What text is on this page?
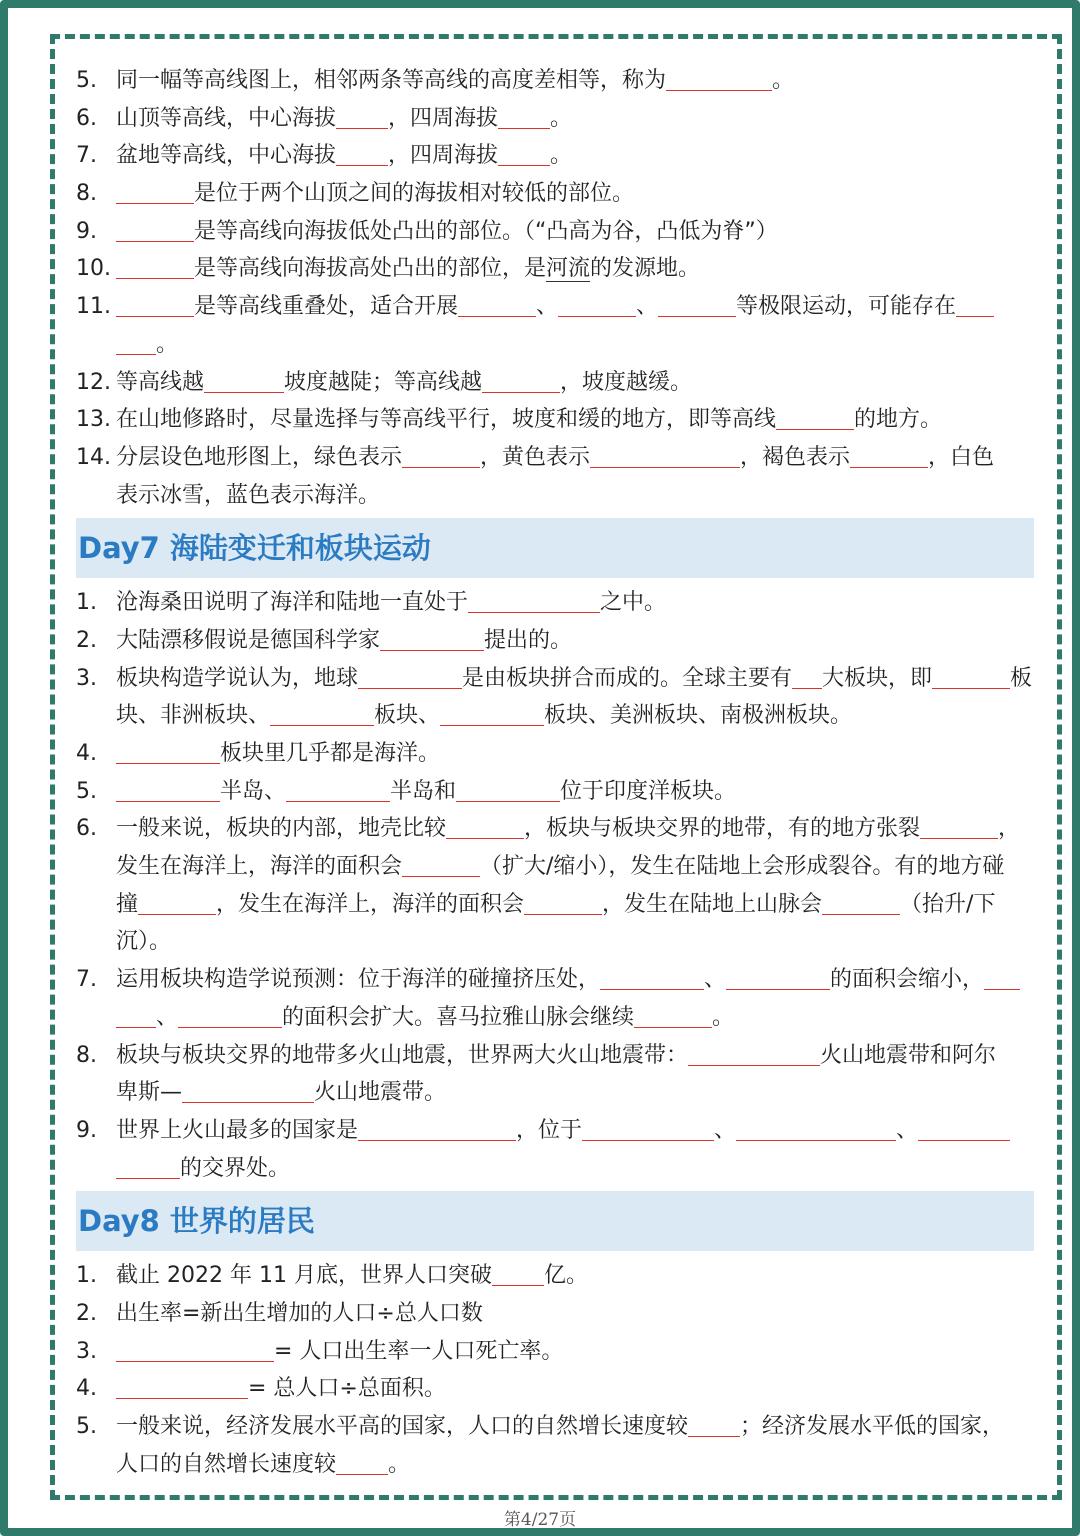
5. 同一幅等高线图上，相邻两条等高线的高度差相等，称为	。
6. 山顶等高线，中心海拔 ，四周海拔 。
7. 盆地等高线，中心海拔 ，四周海拔 。
8.	是位于两个山顶之间的海拔相对较低的部位。
9.	是等高线向海拔低处凸出的部位。（“凸高为谷，凸低为脊”）
10.	是等高线向海拔高处凸出的部位，是河流的发源地。
11.	是等高线重叠处，适合开展	、	、	等极限运动，可能存在
。
12. 等高线越	坡度越陡；等高线越	，坡度越缓。
13. 在山地修路时，尽量选择与等高线平行，坡度和缓的地方，即等高线	的地方。
14. 分层设色地形图上，绿色表示	，黄色表示	，褐色表示	，白色
表示冰雪，蓝色表示海洋。
Day7 海陆变迁和板块运动
1. 沧海桑田说明了海洋和陆地一直处于	之中。
2. 大陆漂移假说是德国科学家	提出的。
3. 板块构造学说认为，地球	是由板块拼合而成的。全球主要有 大板块，即	板
块、非洲板块、	板块、	板块、美洲板块、南极洲板块。
4.	板块里几乎都是海洋。
5.	半岛、	半岛和	位于印度洋板块。
6. 一般来说，板块的内部，地壳比较	，板块与板块交界的地带，有的地方张裂	，
发生在海洋上，海洋的面积会	（扩大/缩小），发生在陆地上会形成裂谷。有的地方碰
撞	，发生在海洋上，海洋的面积会	，发生在陆地上山脉会	（抬升/下
沉）。
7. 运用板块构造学说预测：位于海洋的碰撞挤压处，	、	的面积会缩小，
、	的面积会扩大。喜马拉雅山脉会继续	。
8. 板块与板块交界的地带多火山地震，世界两大火山地震带：	火山地震带和阿尔
卑斯—	火山地震带。
9. 世界上火山最多的国家是	，位于	、	、
的交界处。
Day8 世界的居民
1. 截止 2022 年 11 月底，世界人口突破 亿。
2. 出生率=新出生增加的人口÷总人口数
3.	= 人口出生率一人口死亡率。
4.	= 总人口÷总面积。
5. 一般来说，经济发展水平高的国家，人口的自然增长速度较 ；经济发展水平低的国家，
人口的自然增长速度较 。
第4/27页
